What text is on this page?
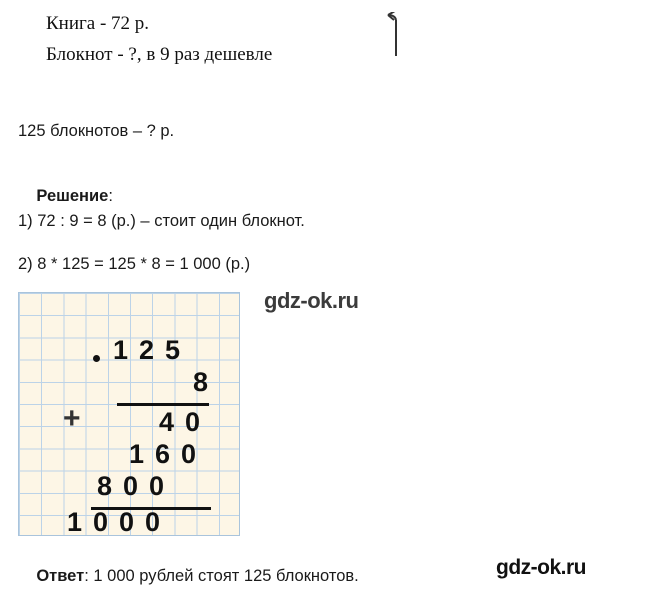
Книга - 72 р.
Блокнот - ?, в 9 раз дешевле
125 блокнотов – ? р.

Решение:

1) 72 : 9 = 8 (р.) – стоит один блокнот.
2) 8 * 125 = 125 * 8 = 1 000 (р.)
125
8
+	40
160
800
1000
gdz-ok.ru

Ответ: 1 000 рублей стоят 125 блокнотов.
	gdz-ok.ru
